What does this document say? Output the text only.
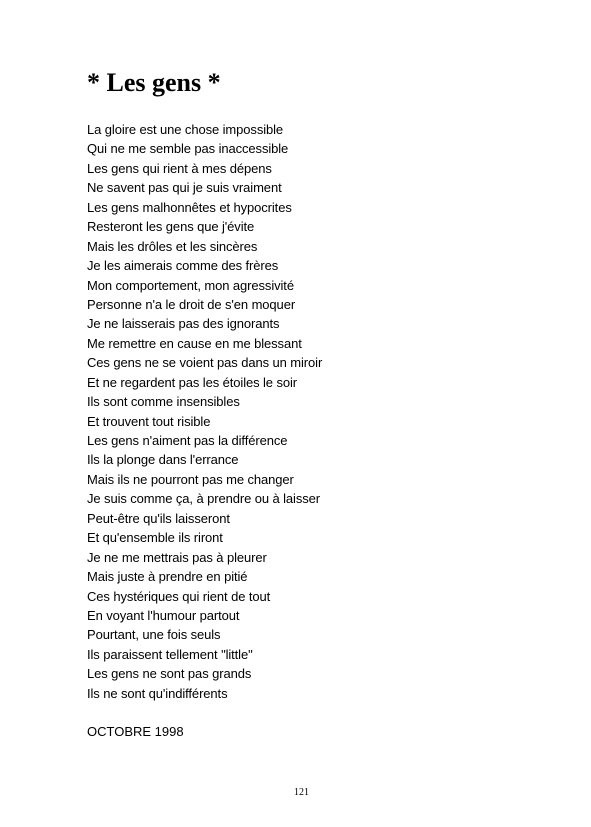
* Les gens *
La gloire est une chose impossible
Qui ne me semble pas inaccessible
Les gens qui rient à mes dépens
Ne savent pas qui je suis vraiment
Les gens malhonnêtes et hypocrites
Resteront les gens que j'évite
Mais les drôles et les sincères
Je les aimerais comme des frères
Mon comportement, mon agressivité
Personne n'a le droit de s'en moquer
Je ne laisserais pas des ignorants
Me remettre en cause en me blessant
Ces gens ne se voient pas dans un miroir
Et ne regardent pas les étoiles le soir
Ils sont comme insensibles
Et trouvent tout risible
Les gens n'aiment pas la différence
Ils la plonge dans l'errance
Mais ils ne pourront pas me changer
Je suis comme ça, à prendre ou à laisser
Peut-être qu'ils laisseront
Et qu'ensemble ils riront
Je ne me mettrais pas à pleurer
Mais juste à prendre en pitié
Ces hystériques qui rient de tout
En voyant l'humour partout
Pourtant, une fois seuls
Ils paraissent tellement "little"
Les gens ne sont pas grands
Ils ne sont qu'indifférents

OCTOBRE 1998

121
